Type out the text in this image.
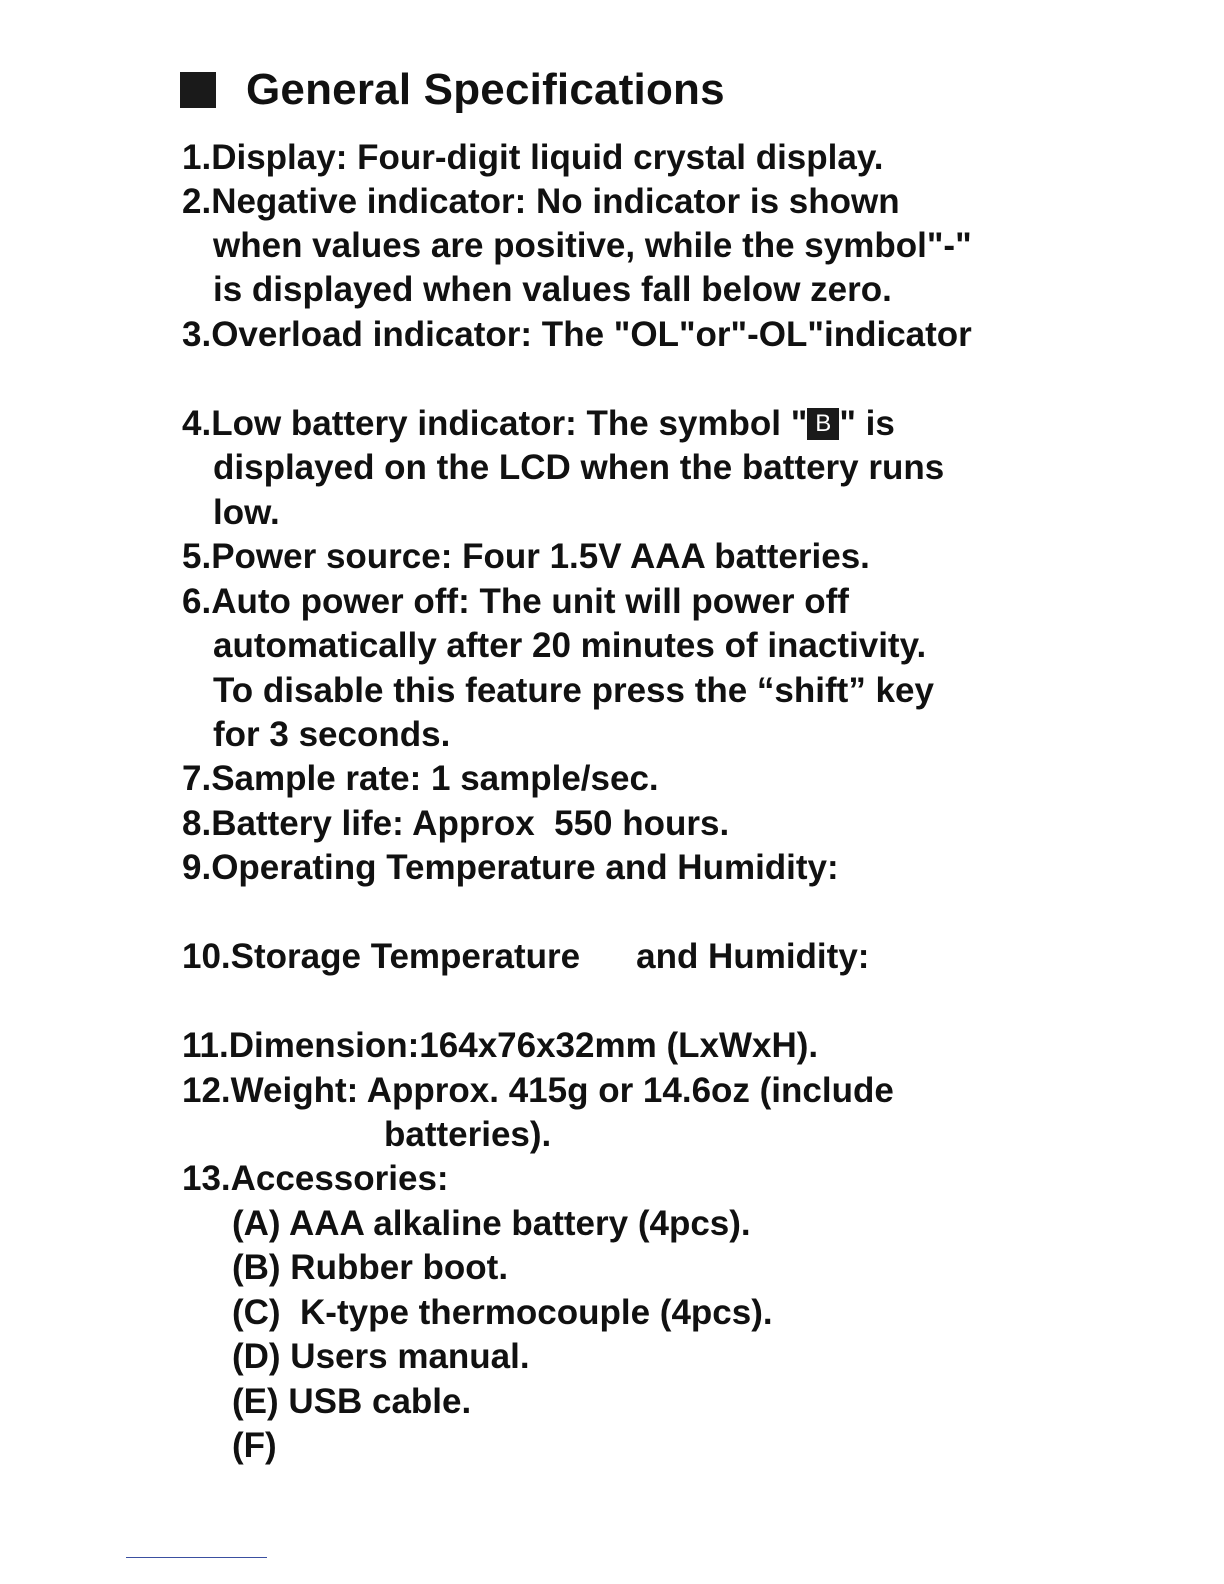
General Specifications
1.Display: Four-digit liquid crystal display.
2.Negative indicator: No indicator is shown
when values are positive, while the symbol"-"
is displayed when values fall below zero.
3.Overload indicator: The "OL"or"-OL"indicator
4.Low battery indicator: The symbol " B " is
displayed on the LCD when the battery runs
low.
5.Power source: Four 1.5V AAA batteries.
6.Auto power off: The unit will power off
automatically after 20 minutes of inactivity.
To disable this feature press the “shift” key
for 3 seconds.
7.Sample rate: 1 sample/sec.
8.Battery life: Approx  550 hours.
9.Operating Temperature and Humidity:
10.Storage Temperature and Humidity:
11.Dimension:164x76x32mm (LxWxH).
12.Weight: Approx. 415g or 14.6oz (include
batteries).
13.Accessories:
(A) AAA alkaline battery (4pcs).
(B) Rubber boot.
(C)  K-type thermocouple (4pcs).
(D) Users manual.
(E) USB cable.
(F)
